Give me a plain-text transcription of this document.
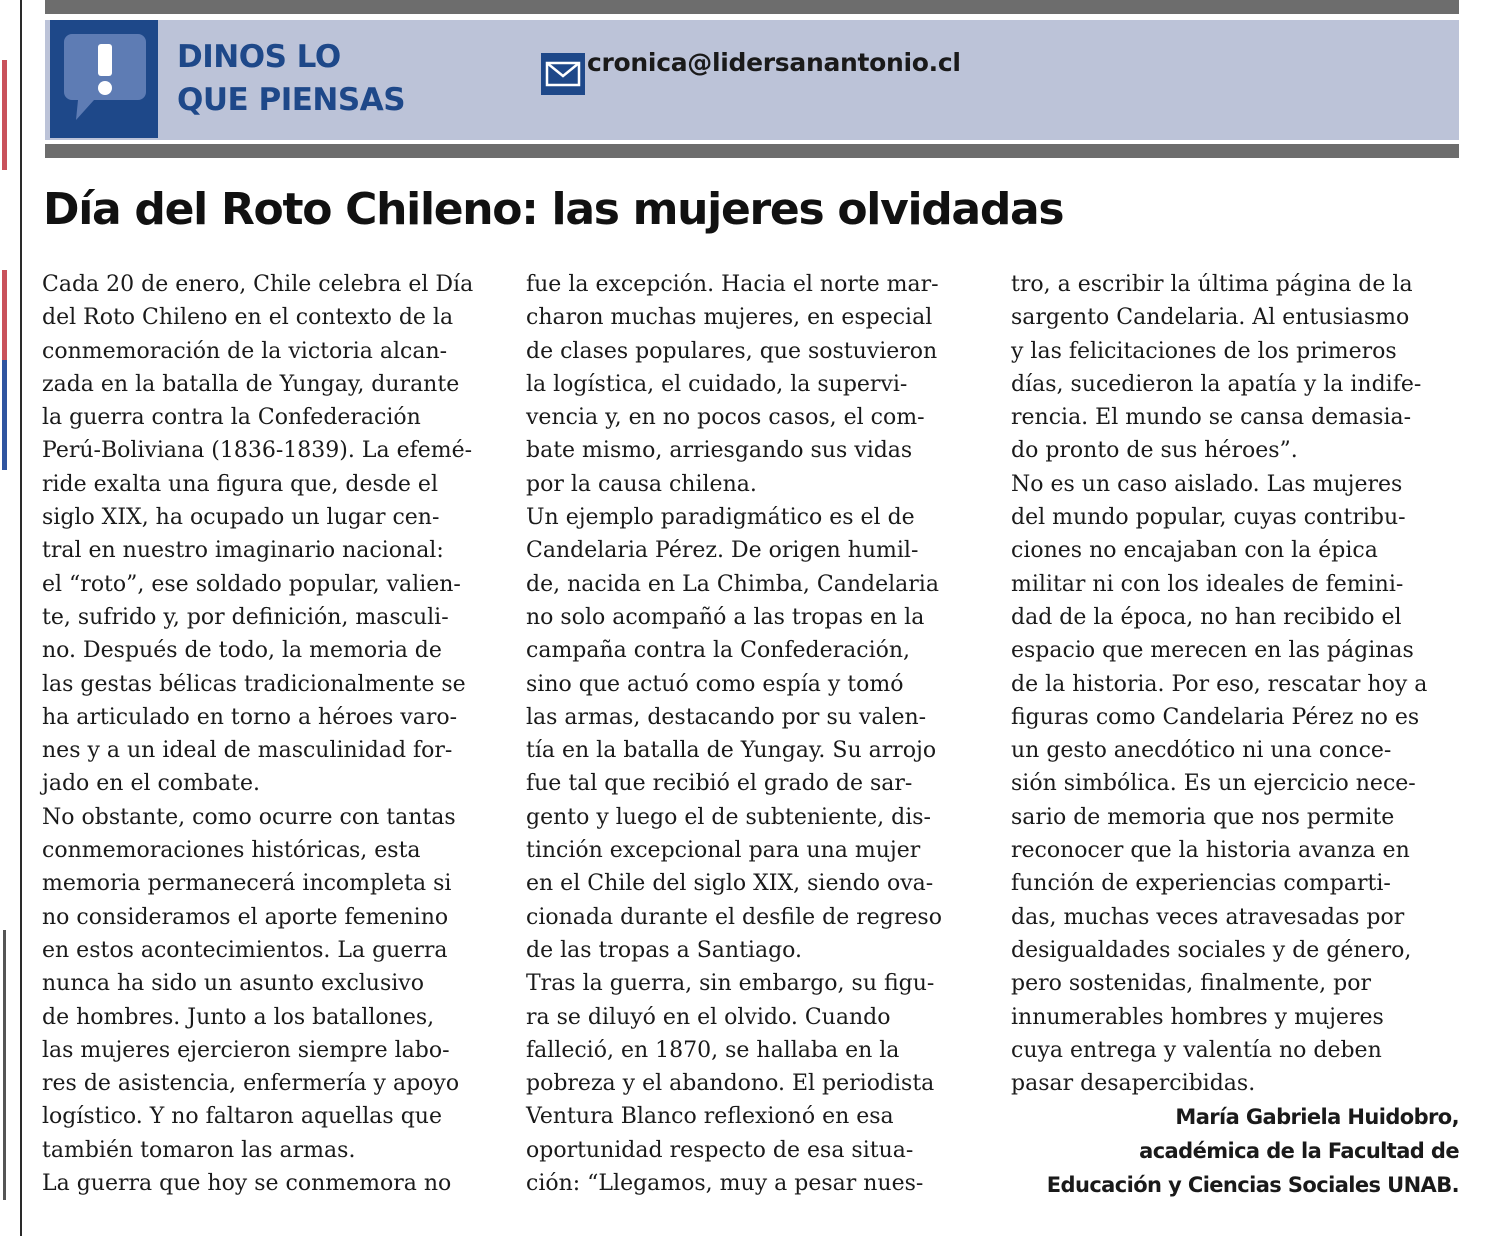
DINOS LO
QUE PIENSAS
cronica@lidersanantonio.cl
Día del Roto Chileno: las mujeres olvidadas
Cada 20 de enero, Chile celebra el Día
del Roto Chileno en el contexto de la
conmemoración de la victoria alcan-
zada en la batalla de Yungay, durante
la guerra contra la Confederación
Perú-Boliviana (1836-1839). La efemé-
ride exalta una figura que, desde el
siglo XIX, ha ocupado un lugar cen-
tral en nuestro imaginario nacional:
el “roto”, ese soldado popular, valien-
te, sufrido y, por definición, masculi-
no. Después de todo, la memoria de
las gestas bélicas tradicionalmente se
ha articulado en torno a héroes varo-
nes y a un ideal de masculinidad for-
jado en el combate.
No obstante, como ocurre con tantas
conmemoraciones históricas, esta
memoria permanecerá incompleta si
no consideramos el aporte femenino
en estos acontecimientos. La guerra
nunca ha sido un asunto exclusivo
de hombres. Junto a los batallones,
las mujeres ejercieron siempre labo-
res de asistencia, enfermería y apoyo
logístico. Y no faltaron aquellas que
también tomaron las armas.
La guerra que hoy se conmemora no
fue la excepción. Hacia el norte mar-
charon muchas mujeres, en especial
de clases populares, que sostuvieron
la logística, el cuidado, la supervi-
vencia y, en no pocos casos, el com-
bate mismo, arriesgando sus vidas
por la causa chilena.
Un ejemplo paradigmático es el de
Candelaria Pérez. De origen humil-
de, nacida en La Chimba, Candelaria
no solo acompañó a las tropas en la
campaña contra la Confederación,
sino que actuó como espía y tomó
las armas, destacando por su valen-
tía en la batalla de Yungay. Su arrojo
fue tal que recibió el grado de sar-
gento y luego el de subteniente, dis-
tinción excepcional para una mujer
en el Chile del siglo XIX, siendo ova-
cionada durante el desfile de regreso
de las tropas a Santiago.
Tras la guerra, sin embargo, su figu-
ra se diluyó en el olvido. Cuando
falleció, en 1870, se hallaba en la
pobreza y el abandono. El periodista
Ventura Blanco reflexionó en esa
oportunidad respecto de esa situa-
ción: “Llegamos, muy a pesar nues-
tro, a escribir la última página de la
sargento Candelaria. Al entusiasmo
y las felicitaciones de los primeros
días, sucedieron la apatía y la indife-
rencia. El mundo se cansa demasia-
do pronto de sus héroes”.
No es un caso aislado. Las mujeres
del mundo popular, cuyas contribu-
ciones no encajaban con la épica
militar ni con los ideales de femini-
dad de la época, no han recibido el
espacio que merecen en las páginas
de la historia. Por eso, rescatar hoy a
figuras como Candelaria Pérez no es
un gesto anecdótico ni una conce-
sión simbólica. Es un ejercicio nece-
sario de memoria que nos permite
reconocer que la historia avanza en
función de experiencias comparti-
das, muchas veces atravesadas por
desigualdades sociales y de género,
pero sostenidas, finalmente, por
innumerables hombres y mujeres
cuya entrega y valentía no deben
pasar desapercibidas.
María Gabriela Huidobro,
académica de la Facultad de
Educación y Ciencias Sociales UNAB.
